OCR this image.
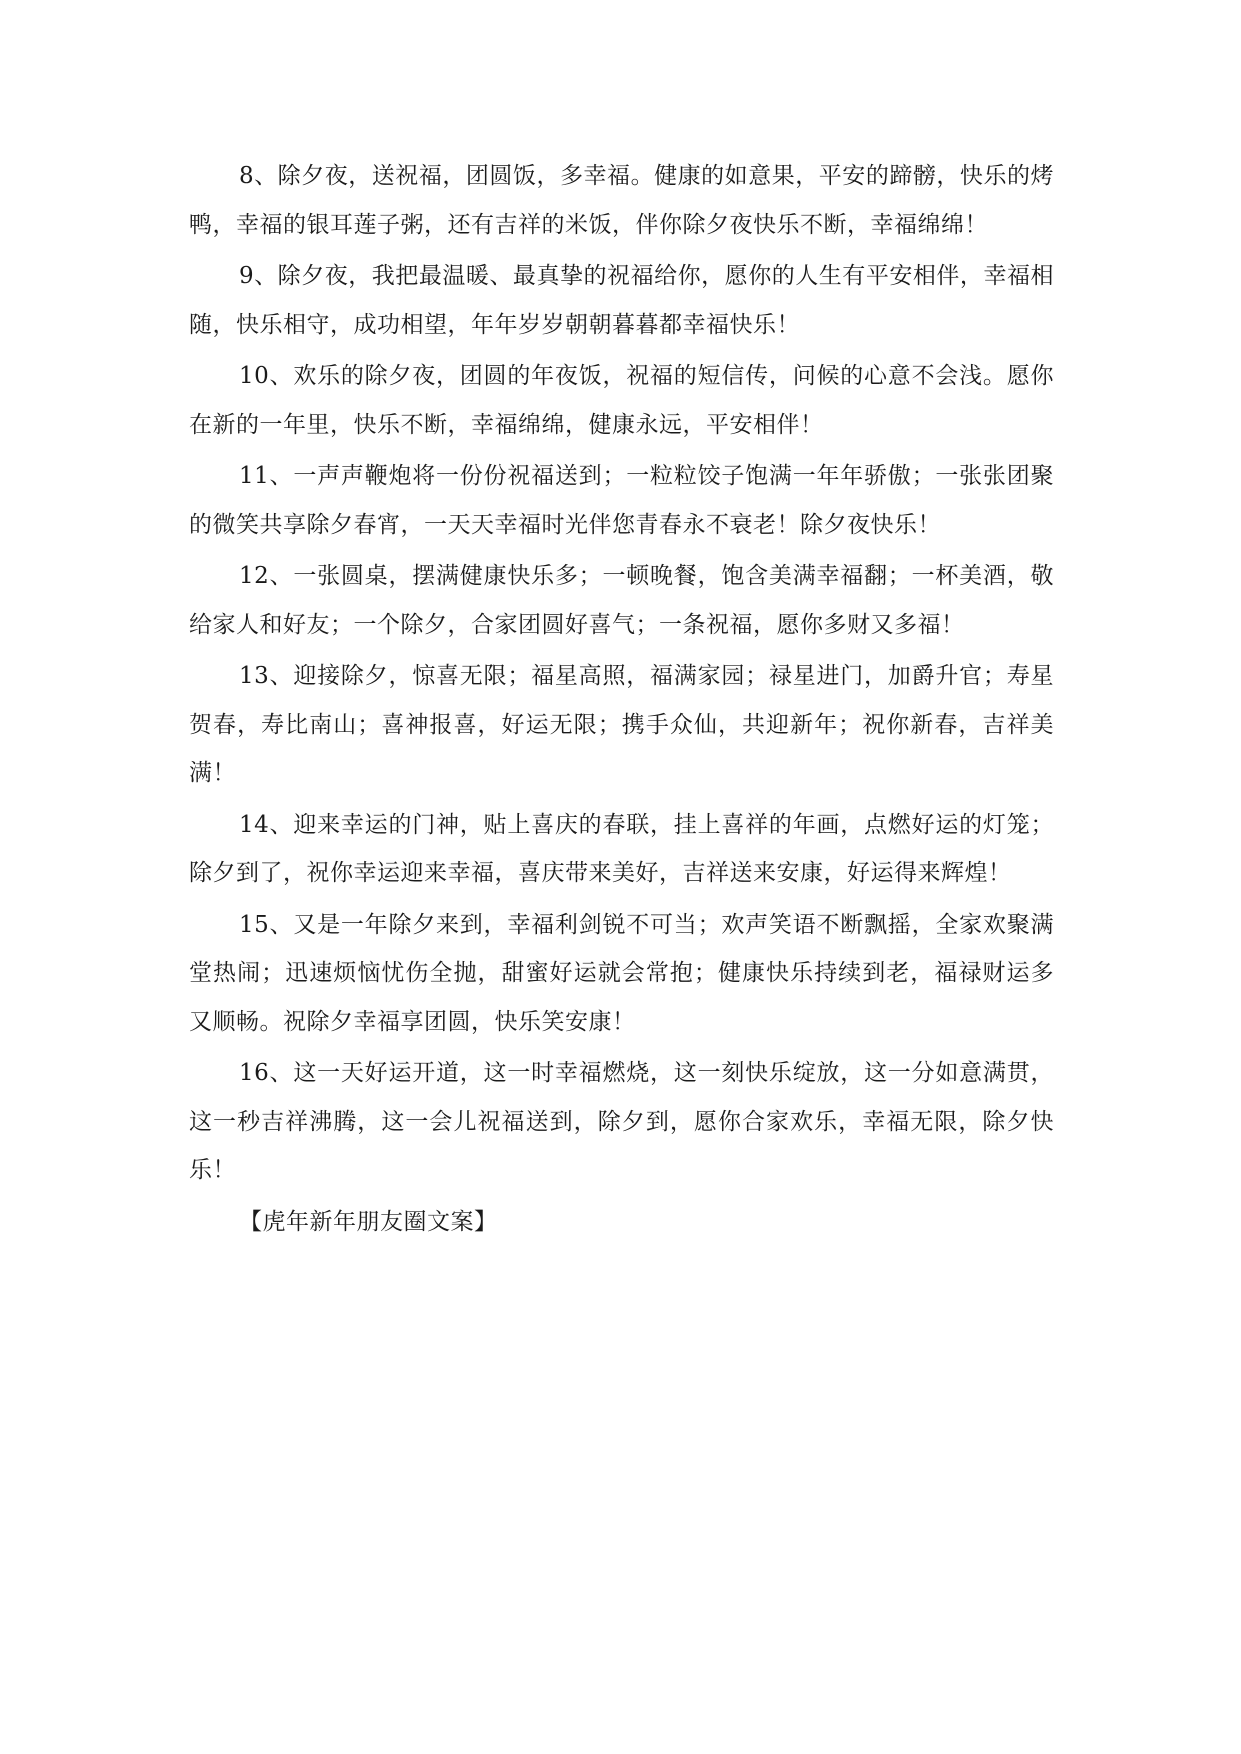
8、除夕夜，送祝福，团圆饭，多幸福。健康的如意果，平安的蹄髈，快乐的烤鸭，幸福的银耳莲子粥，还有吉祥的米饭，伴你除夕夜快乐不断，幸福绵绵！

9、除夕夜，我把最温暖、最真挚的祝福给你，愿你的人生有平安相伴，幸福相随，快乐相守，成功相望，年年岁岁朝朝暮暮都幸福快乐！

10、欢乐的除夕夜，团圆的年夜饭，祝福的短信传，问候的心意不会浅。愿你在新的一年里，快乐不断，幸福绵绵，健康永远，平安相伴！

11、一声声鞭炮将一份份祝福送到；一粒粒饺子饱满一年年骄傲；一张张团聚的微笑共享除夕春宵，一天天幸福时光伴您青春永不衰老！除夕夜快乐！

12、一张圆桌，摆满健康快乐多；一顿晚餐，饱含美满幸福翻；一杯美酒，敬给家人和好友；一个除夕，合家团圆好喜气；一条祝福，愿你多财又多福！

13、迎接除夕，惊喜无限；福星高照，福满家园；禄星进门，加爵升官；寿星贺春，寿比南山；喜神报喜，好运无限；携手众仙，共迎新年；祝你新春，吉祥美满！

14、迎来幸运的门神，贴上喜庆的春联，挂上喜祥的年画，点燃好运的灯笼；除夕到了，祝你幸运迎来幸福，喜庆带来美好，吉祥送来安康，好运得来辉煌！

15、又是一年除夕来到，幸福利剑锐不可当；欢声笑语不断飘摇，全家欢聚满堂热闹；迅速烦恼忧伤全抛，甜蜜好运就会常抱；健康快乐持续到老，福禄财运多又顺畅。祝除夕幸福享团圆，快乐笑安康！

16、这一天好运开道，这一时幸福燃烧，这一刻快乐绽放，这一分如意满贯，这一秒吉祥沸腾，这一会儿祝福送到，除夕到，愿你合家欢乐，幸福无限，除夕快乐！

【虎年新年朋友圈文案】
